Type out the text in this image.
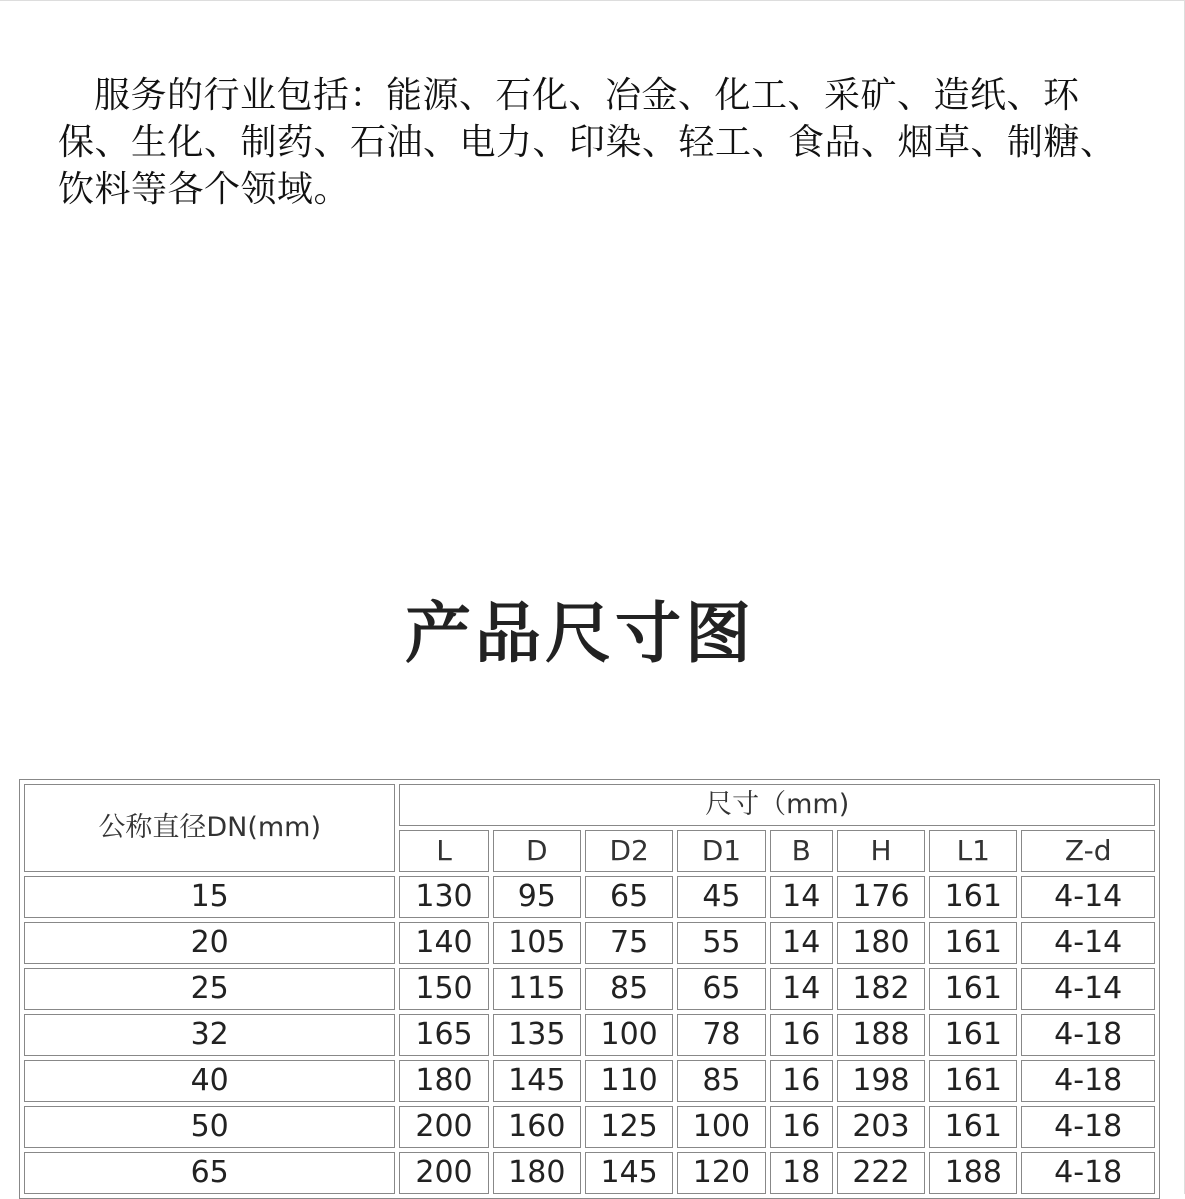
服务的行业包括：能源、石化、冶金、化工、采矿、造纸、环保、生化、制药、石油、电力、印染、轻工、食品、烟草、制糖、饮料等各个领域。

产品尺寸图
公称直径DN(mm)	尺寸（mm)							
	L	D	D2	D1	B	H	L1	Z-d
15	130	95	65	45	14	176	161	4-14
20	140	105	75	55	14	180	161	4-14
25	150	115	85	65	14	182	161	4-14
32	165	135	100	78	16	188	161	4-18
40	180	145	110	85	16	198	161	4-18
50	200	160	125	100	16	203	161	4-18
65	200	180	145	120	18	222	188	4-18
